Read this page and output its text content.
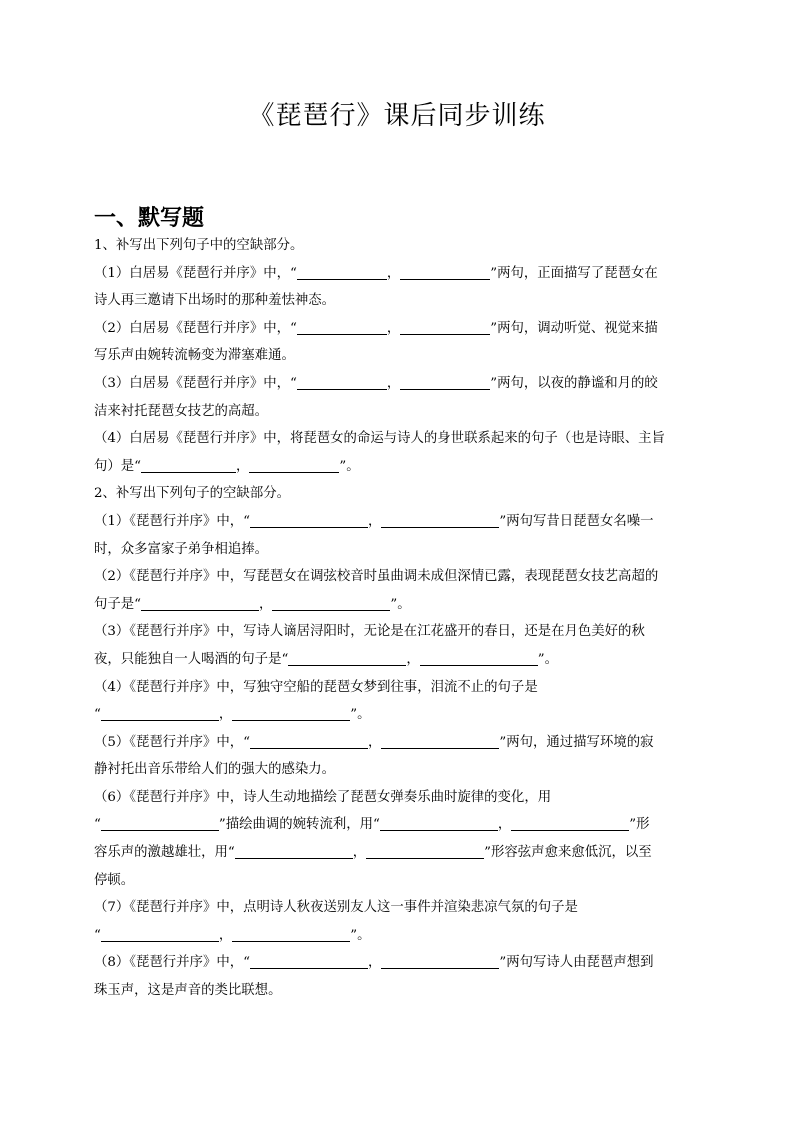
《琵琶行》课后同步训练
一、默写题
1、补写出下列句子中的空缺部分。
（1）白居易《琵琶行并序》中，“	，	”两句，正面描写了琵琶女在
诗人再三邀请下出场时的那种羞怯神态。
（2）白居易《琵琶行并序》中，“	，	”两句，调动听觉、视觉来描
写乐声由婉转流畅变为滞塞难通。
（3）白居易《琵琶行并序》中，“	，	”两句，以夜的静谧和月的皎
洁来衬托琵琶女技艺的高超。
（4）白居易《琵琶行并序》中，将琵琶女的命运与诗人的身世联系起来的句子（也是诗眼、主旨
句）是“	，	”。
2、补写出下列句子的空缺部分。
（1）《琵琶行并序》中，“	，	”两句写昔日琵琶女名噪一
时，众多富家子弟争相追捧。
（2）《琵琶行并序》中，写琵琶女在调弦校音时虽曲调未成但深情已露，表现琵琶女技艺高超的
句子是“	，	”。
（3）《琵琶行并序》中，写诗人谪居浔阳时，无论是在江花盛开的春日，还是在月色美好的秋
夜，只能独自一人喝酒的句子是“	，	”。
（4）《琵琶行并序》中，写独守空船的琵琶女梦到往事，泪流不止的句子是
“	，	”。
（5）《琵琶行并序》中，“	，	”两句，通过描写环境的寂
静衬托出音乐带给人们的强大的感染力。
（6）《琵琶行并序》中，诗人生动地描绘了琵琶女弹奏乐曲时旋律的变化，用
“	”描绘曲调的婉转流利，用“	，	”形
容乐声的激越雄壮，用“	，	”形容弦声愈来愈低沉，以至
停顿。
（7）《琵琶行并序》中，点明诗人秋夜送别友人这一事件并渲染悲凉气氛的句子是
“	，	”。
（8）《琵琶行并序》中，“	，	”两句写诗人由琵琶声想到
珠玉声，这是声音的类比联想。
